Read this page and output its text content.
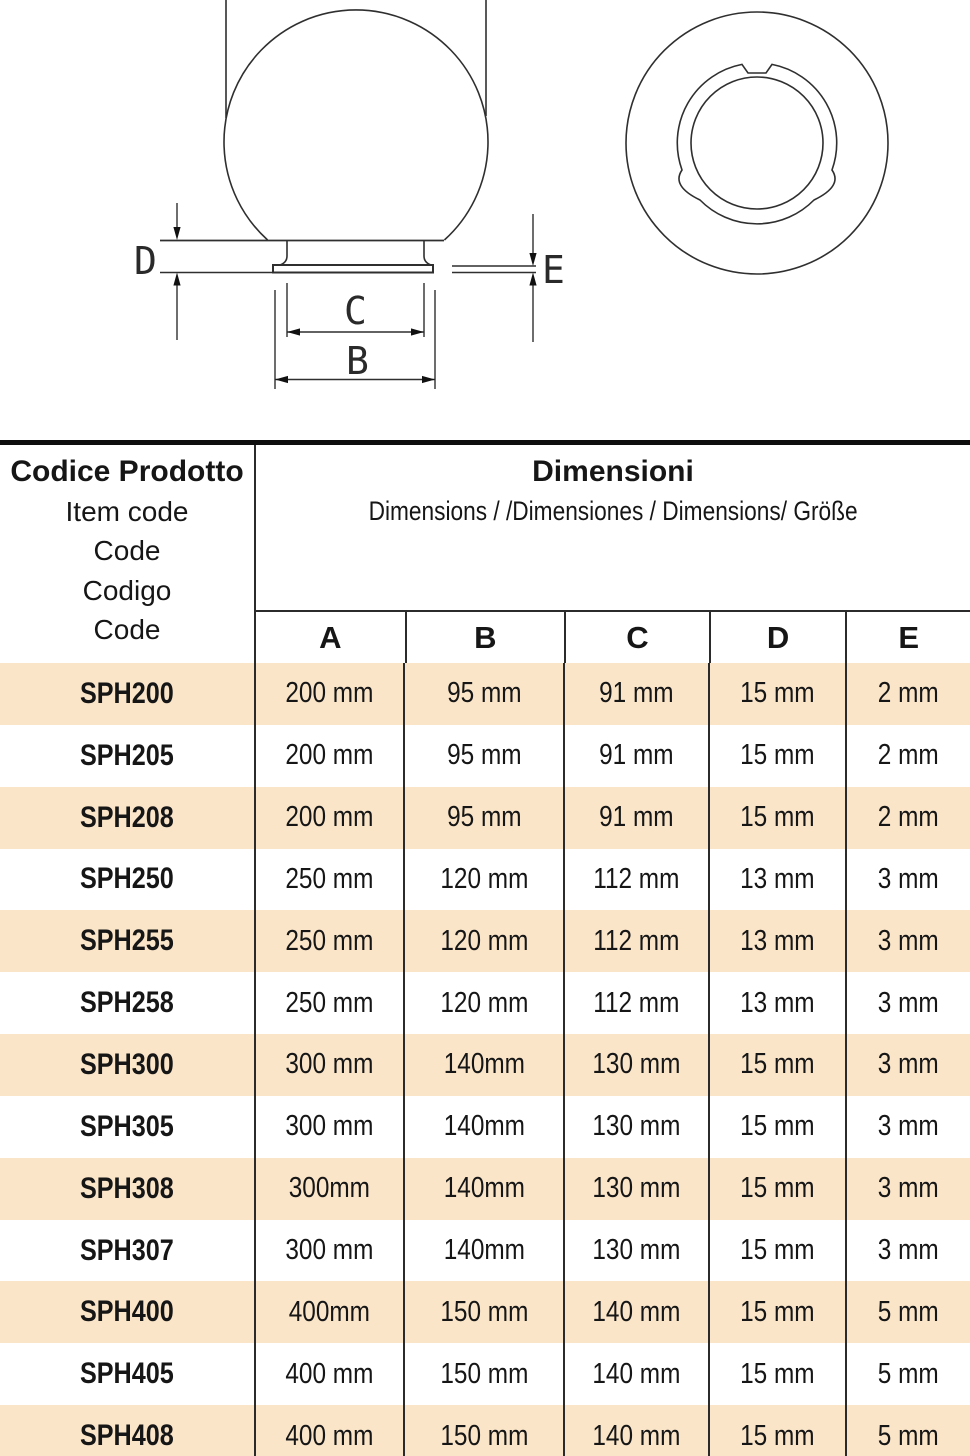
D	E
C
B
Codice Prodotto
Item code
Code
Codigo
Code
Dimensioni
Dimensions / /Dimensiones / Dimensions/ Größe
A	B	C	D	E
SPH200	200 mm	95 mm	91 mm 15 mm 2 mm
SPH205	200 mm	95 mm	91 mm 15 mm 2 mm
SPH208	200 mm	95 mm	91 mm 15 mm 2 mm
SPH250	250 mm 120 mm 112 mm 13 mm 3 mm
SPH255	250 mm 120 mm 112 mm 13 mm 3 mm
SPH258	250 mm 120 mm 112 mm 13 mm 3 mm
SPH300	300 mm 140mm 130 mm 15 mm 3 mm
SPH305	300 mm 140mm 130 mm 15 mm 3 mm
SPH308	300mm	140mm 130 mm 15 mm 3 mm
SPH307	300 mm 140mm 130 mm 15 mm 3 mm
SPH400	400mm 150 mm 140 mm 15 mm 5 mm
SPH405	400 mm 150 mm 140 mm 15 mm 5 mm
SPH408	400 mm 150 mm 140 mm 15 mm 5 mm
